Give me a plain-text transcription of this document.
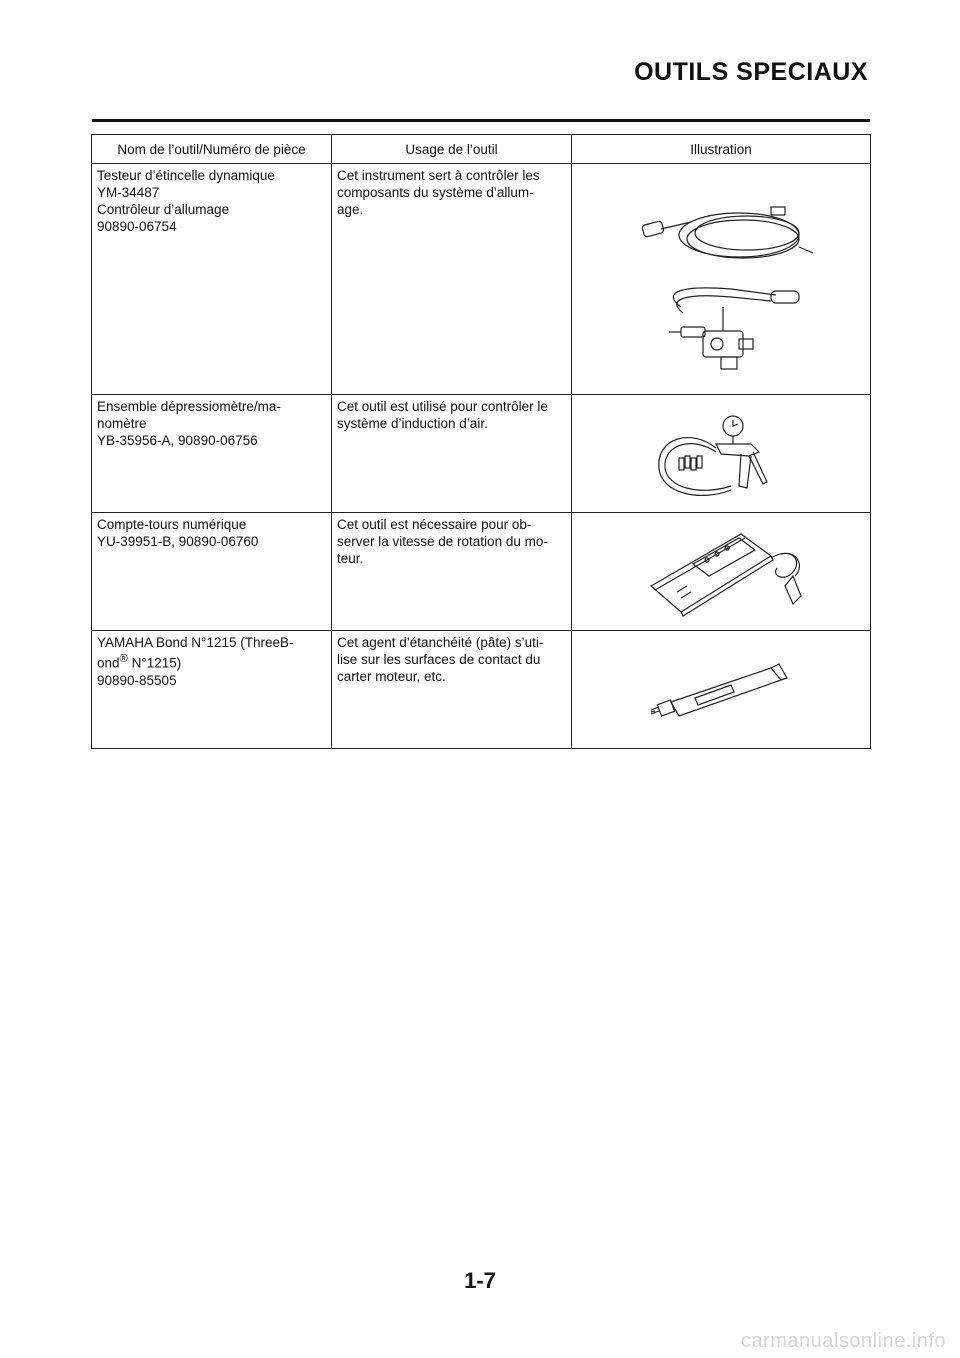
OUTILS SPECIAUX
Nom de l’outil/Numéro de pièce	Usage de l’outil	Illustration

Testeur d’étincelle dynamique
YM-34487
Contrôleur d’allumage
90890-06754	Cet instrument sert à contrôler les
composants du système d’allum-
age.

Ensemble dépressiomètre/ma-
nomètre
YB-35956-A, 90890-06756	Cet outil est utilisé pour contrôler le
système d’induction d’air.

Compte-tours numérique
YU-39951-B, 90890-06760	Cet outil est nécessaire pour ob-
server la vitesse de rotation du mo-
teur.

YAMAHA Bond N°1215 (ThreeB-
ond® N°1215)
90890-85505	Cet agent d’étanchéité (pâte) s’uti-
lise sur les surfaces de contact du
carter moteur, etc.

1-7
carmanualsonline.info
